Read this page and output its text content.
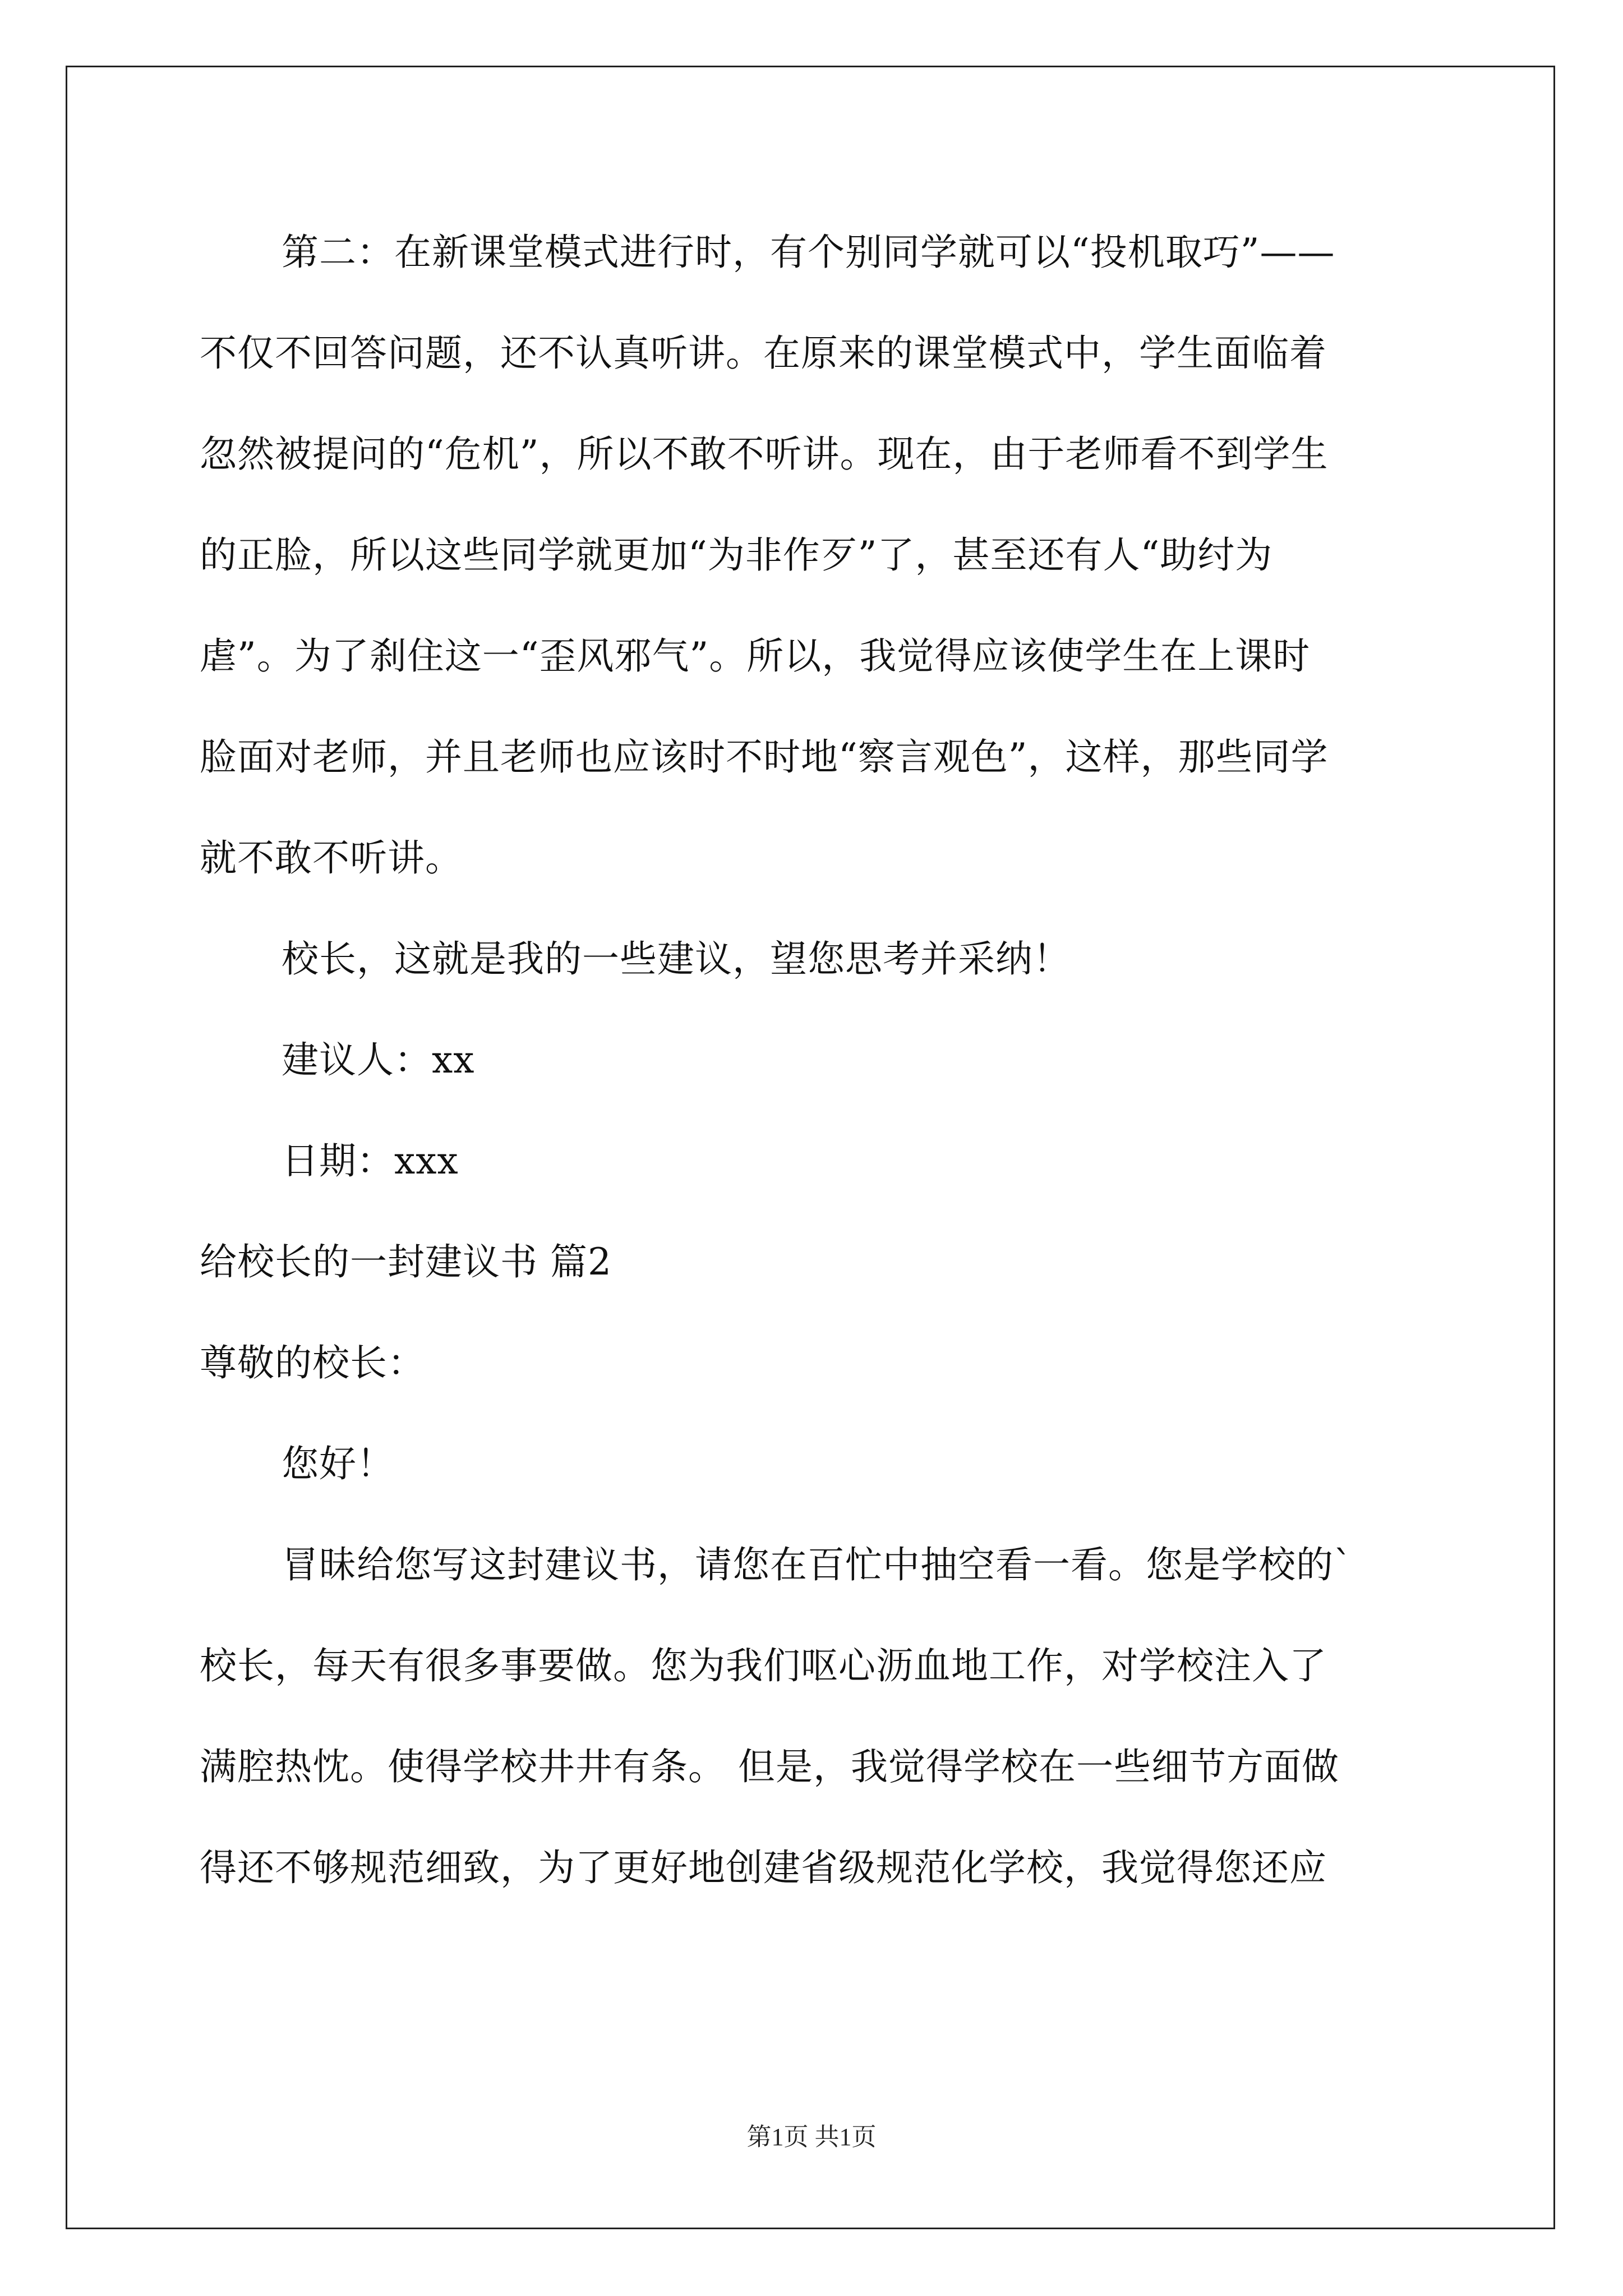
第二：在新课堂模式进行时，有个别同学就可以“投机取巧”——
不仅不回答问题，还不认真听讲。在原来的课堂模式中，学生面临着
忽然被提问的“危机”，所以不敢不听讲。现在，由于老师看不到学生
的正脸，所以这些同学就更加“为非作歹”了，甚至还有人“助纣为
虐”。为了刹住这一“歪风邪气”。所以，我觉得应该使学生在上课时
脸面对老师，并且老师也应该时不时地“察言观色”，这样，那些同学
就不敢不听讲。
校长，这就是我的一些建议，望您思考并采纳！
建议人：xx
日期：xxx
给校长的一封建议书 篇2
尊敬的校长：
您好！
冒昧给您写这封建议书，请您在百忙中抽空看一看。您是学校的`
校长，每天有很多事要做。您为我们呕心沥血地工作，对学校注入了
满腔热忱。使得学校井井有条。 但是，我觉得学校在一些细节方面做
得还不够规范细致，为了更好地创建省级规范化学校，我觉得您还应
第1页 共1页
